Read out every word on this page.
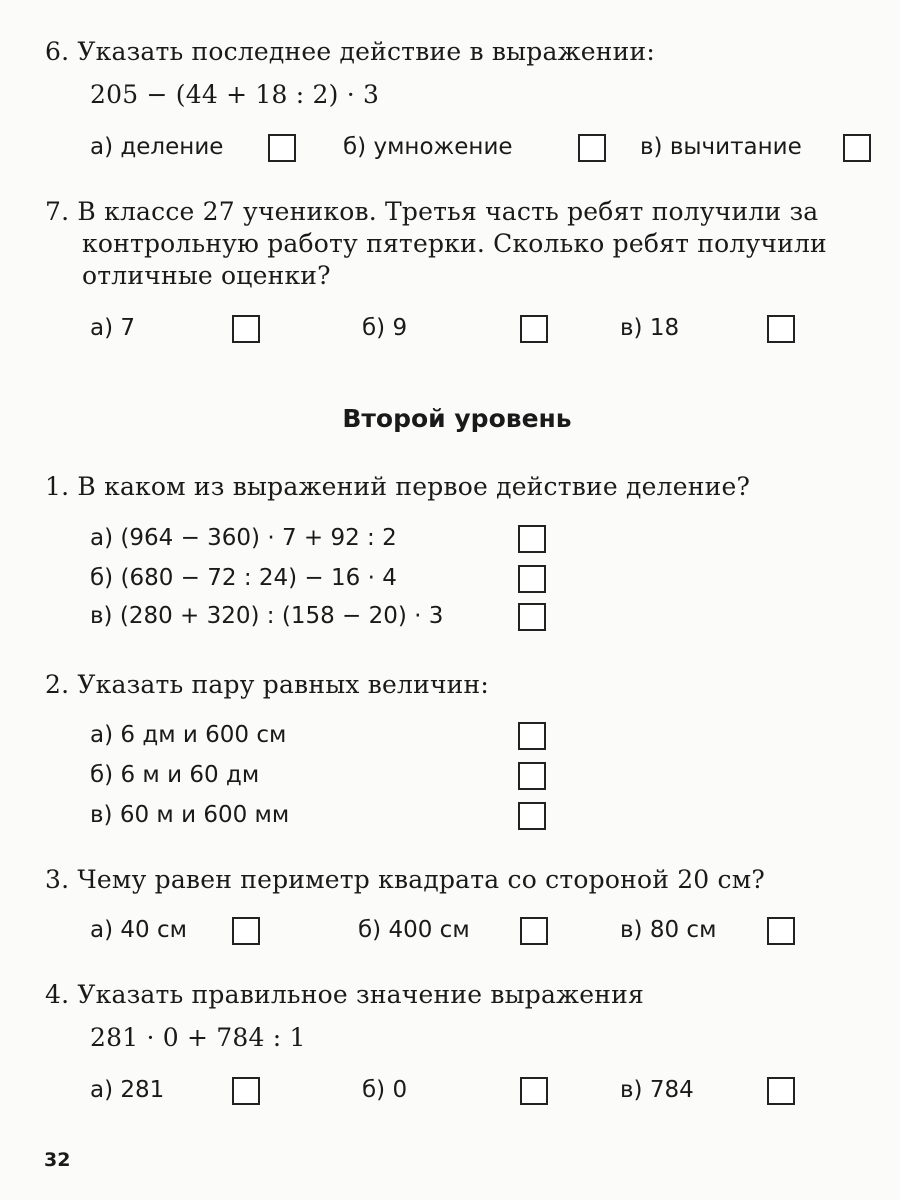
6. Указать последнее действие в выражении:
205 − (44 + 18 : 2) · 3
а) деление	б) умножение	в) вычитание
7. В классе 27 учеников. Третья часть ребят получили за
контрольную работу пятерки. Сколько ребят получили
отличные оценки?
а) 7	б) 9	в) 18
Второй уровень
1. В каком из выражений первое действие деление?
а) (964 − 360) · 7 + 92 : 2
б) (680 − 72 : 24) − 16 · 4
в) (280 + 320) : (158 − 20) · 3
2. Указать пару равных величин:
а) 6 дм и 600 см
б) 6 м и 60 дм
в) 60 м и 600 мм
3. Чему равен периметр квадрата со стороной 20 см?
а) 40 см	б) 400 см	в) 80 см
4. Указать правильное значение выражения
281 · 0 + 784 : 1
а) 281	б) 0	в) 784
32
